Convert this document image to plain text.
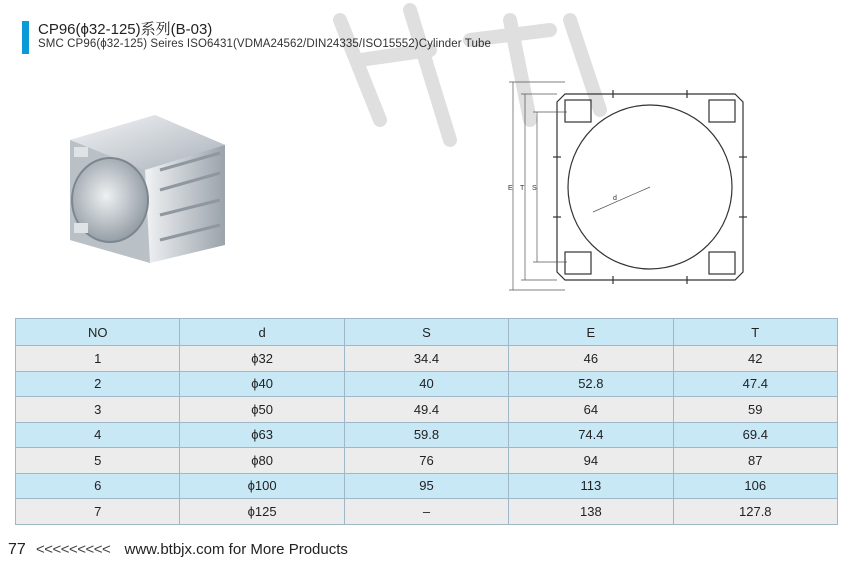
CP96(ϕ32-125)系列(B-03)
SMC CP96(ϕ32-125) Seires ISO6431(VDMA24562/DIN24335/ISO15552)Cylinder Tube
E T S
d
NO	d	S	E	T
1	ϕ32	34.4	46	42
2	ϕ40	40	52.8	47.4
3	ϕ50	49.4	64	59
4	ϕ63	59.8	74.4	69.4
5	ϕ80	76	94	87
6	ϕ100	95	113	106
7	ϕ125	–	138	127.8
77 <<<<<<<<< www.btbjx.com for More Products
